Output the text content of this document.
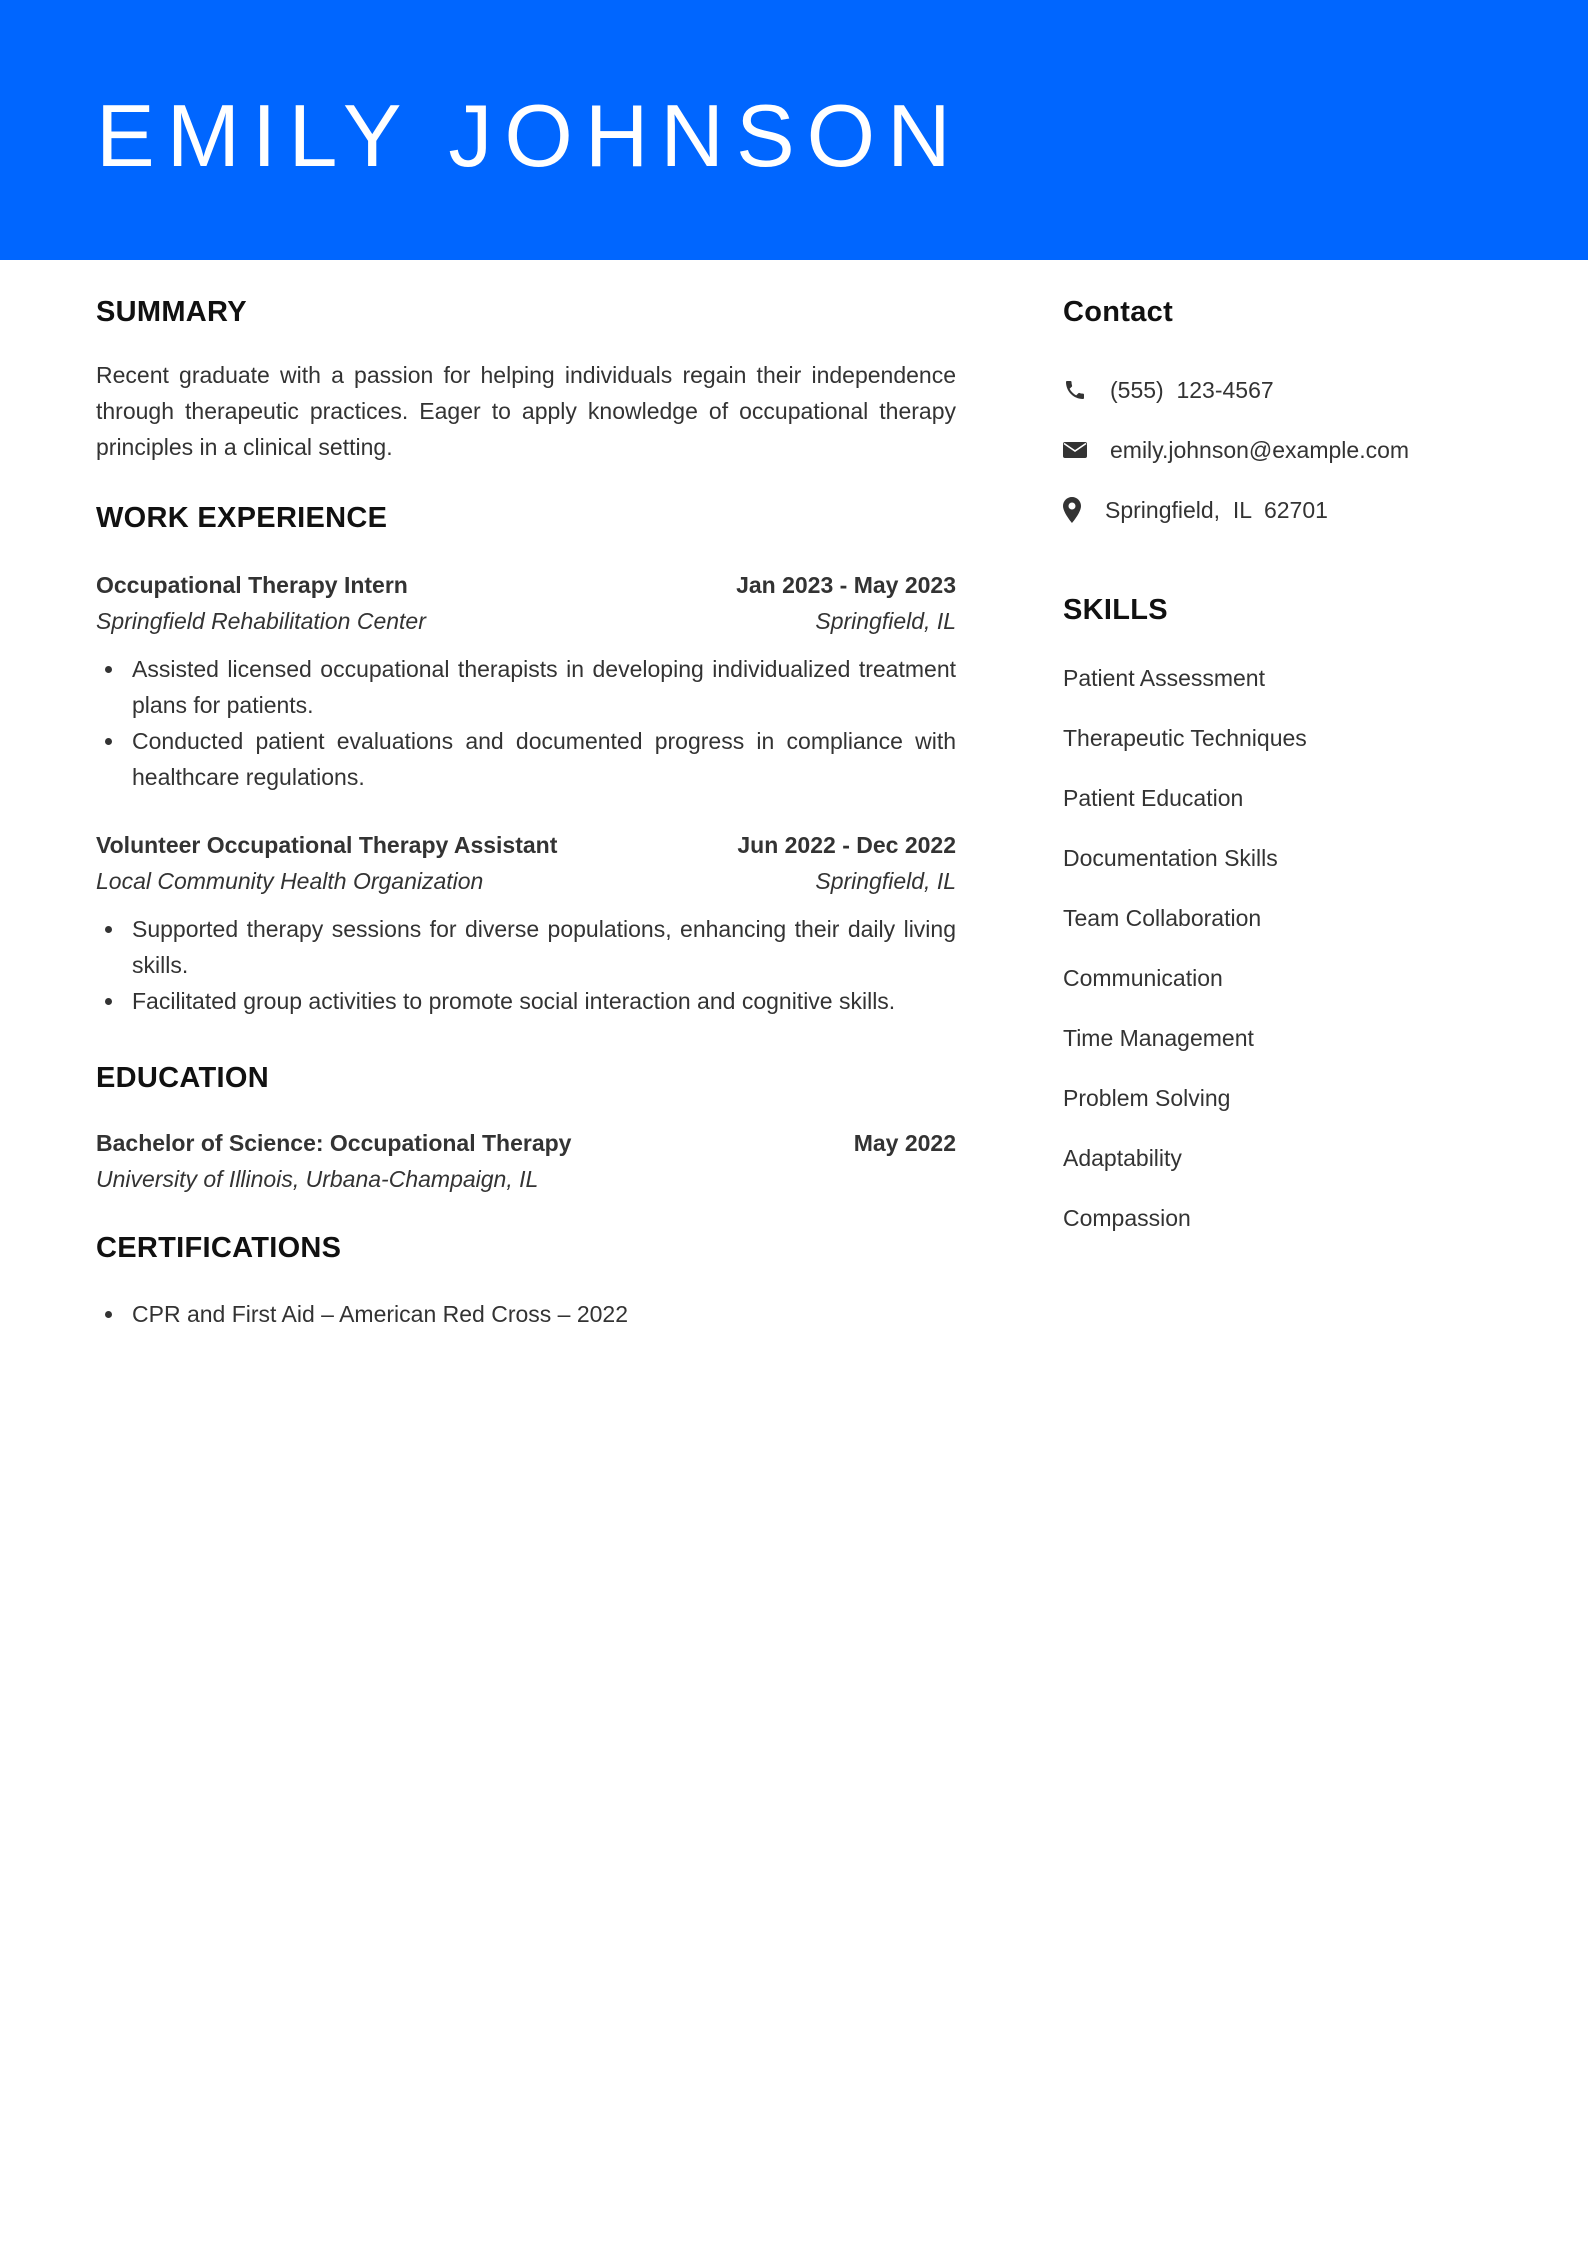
EMILY JOHNSON
SUMMARY
Recent graduate with a passion for helping individuals regain their independence through therapeutic practices. Eager to apply knowledge of occupational therapy principles in a clinical setting.
WORK EXPERIENCE
Occupational Therapy Intern	Jan 2023 - May 2023
Springfield Rehabilitation Center	Springfield, IL
Assisted licensed occupational therapists in developing individualized treatment plans for patients.
Conducted patient evaluations and documented progress in compliance with healthcare regulations.
Volunteer Occupational Therapy Assistant	Jun 2022 - Dec 2022
Local Community Health Organization	Springfield, IL
Supported therapy sessions for diverse populations, enhancing their daily living skills.
Facilitated group activities to promote social interaction and cognitive skills.
EDUCATION
Bachelor of Science: Occupational Therapy	May 2022
University of Illinois, Urbana-Champaign, IL
CERTIFICATIONS
CPR and First Aid – American Red Cross – 2022
Contact
(555)  123-4567
emily.johnson@example.com
Springfield,  IL  62701
SKILLS
Patient Assessment
Therapeutic Techniques
Patient Education
Documentation Skills
Team Collaboration
Communication
Time Management
Problem Solving
Adaptability
Compassion
